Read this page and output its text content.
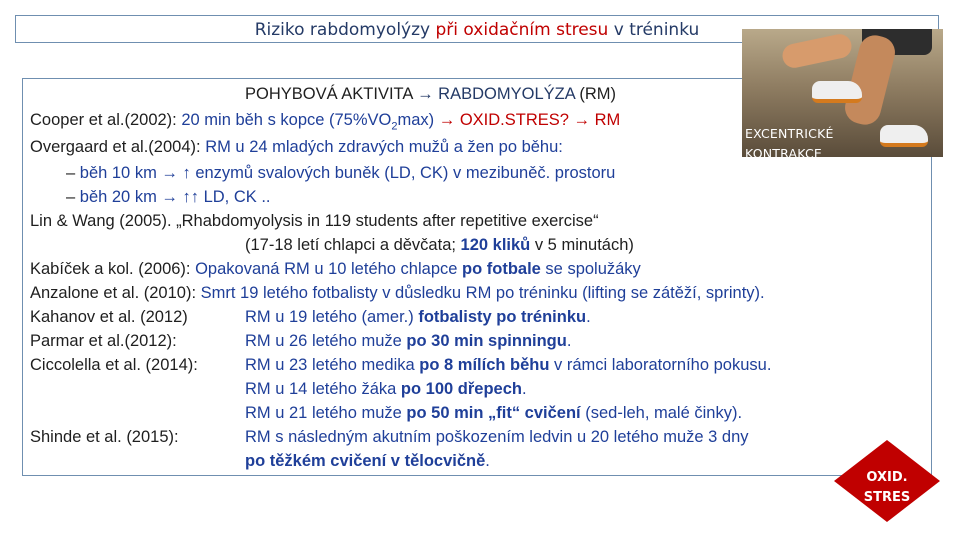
Riziko rabdomyolýzy při oxidačním stresu v tréninku
POHYBOVÁ AKTIVITA → RABDOMYOLÝZA (RM)
Cooper et al.(2002): 20 min běh s kopce $(75\%VO_2\max)$ → OXID.STRES? → RM
Overgaard et al.(2004): RM u 24 mladých zdravých mužů a žen po běhu:
– běh 10 km → ↑ enzymů svalových buněk (LD, CK) v mezibuněč. prostoru
– běh 20 km → ↑↑ LD, CK ..
Lin & Wang (2005). „Rhabdomyolysis in 119 students after repetitive exercise“
(17-18 letí chlapci a děvčata; 120 kliků v 5 minutách)
Kabíček a kol. (2006): Opakovaná RM u 10 letého chlapce po fotbale se spolužáky
Anzalone et al. (2010): Smrt 19 letého fotbalisty v důsledku RM po tréninku (lifting se zátěží, sprinty).
Kahanov et al. (2012)	RM u 19 letého (amer.) fotbalisty po tréninku.
Parmar et al.(2012):	RM u 26 letého muže po 30 min spinningu.
Ciccolella et al. (2014):	RM u 23 letého medika po 8 mílích běhu v rámci laboratorního pokusu.
RM u 14 letého žáka po 100 dřepech.
RM u 21 letého muže po 50 min „fit“ cvičení (sed-leh, malé činky).
Shinde et al. (2015):	RM s následným akutním poškozením ledvin u 20 letého muže 3 dny
po těžkém cvičení v tělocvičně.
EXCENTRICKÉ
KONTRAKCE
OXID.
STRES
